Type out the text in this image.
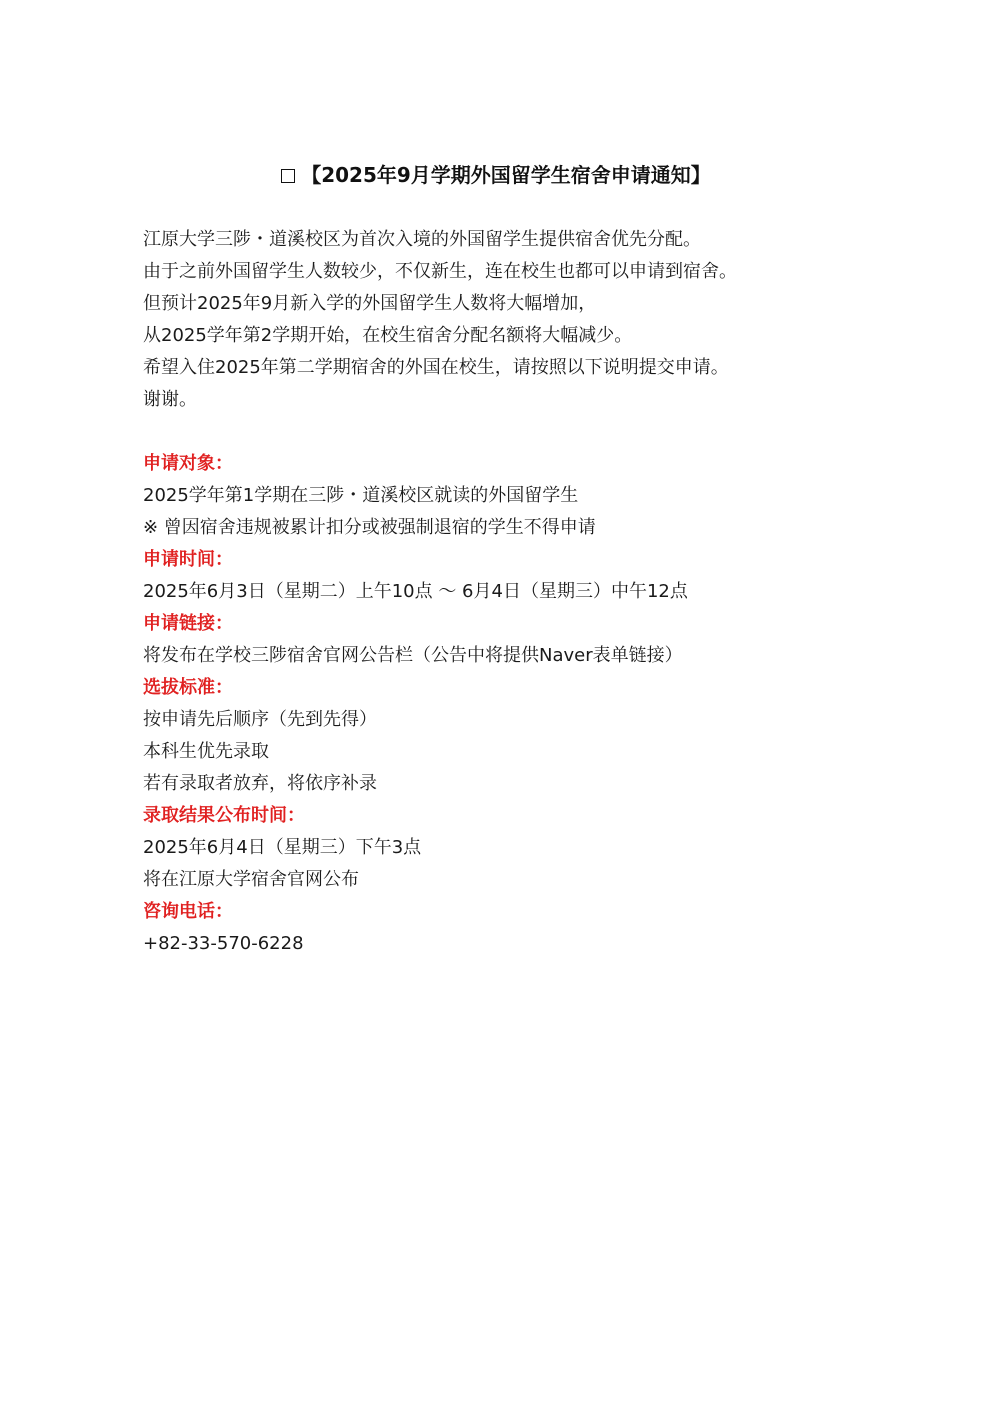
【2025年9月学期外国留学生宿舍申请通知】
江原大学三陟・道溪校区为首次入境的外国留学生提供宿舍优先分配。
由于之前外国留学生人数较少，不仅新生，连在校生也都可以申请到宿舍。
但预计2025年9月新入学的外国留学生人数将大幅增加，
从2025学年第2学期开始，在校生宿舍分配名额将大幅减少。
希望入住2025年第二学期宿舍的外国在校生，请按照以下说明提交申请。
谢谢。
申请对象：
2025学年第1学期在三陟・道溪校区就读的外国留学生
※ 曾因宿舍违规被累计扣分或被强制退宿的学生不得申请
申请时间：
2025年6月3日（星期二）上午10点 ～ 6月4日（星期三）中午12点
申请链接：
将发布在学校三陟宿舍官网公告栏（公告中将提供Naver表单链接）
选拔标准：
按申请先后顺序（先到先得）
本科生优先录取
若有录取者放弃，将依序补录
录取结果公布时间：
2025年6月4日（星期三）下午3点
将在江原大学宿舍官网公布
咨询电话：
+82-33-570-6228
